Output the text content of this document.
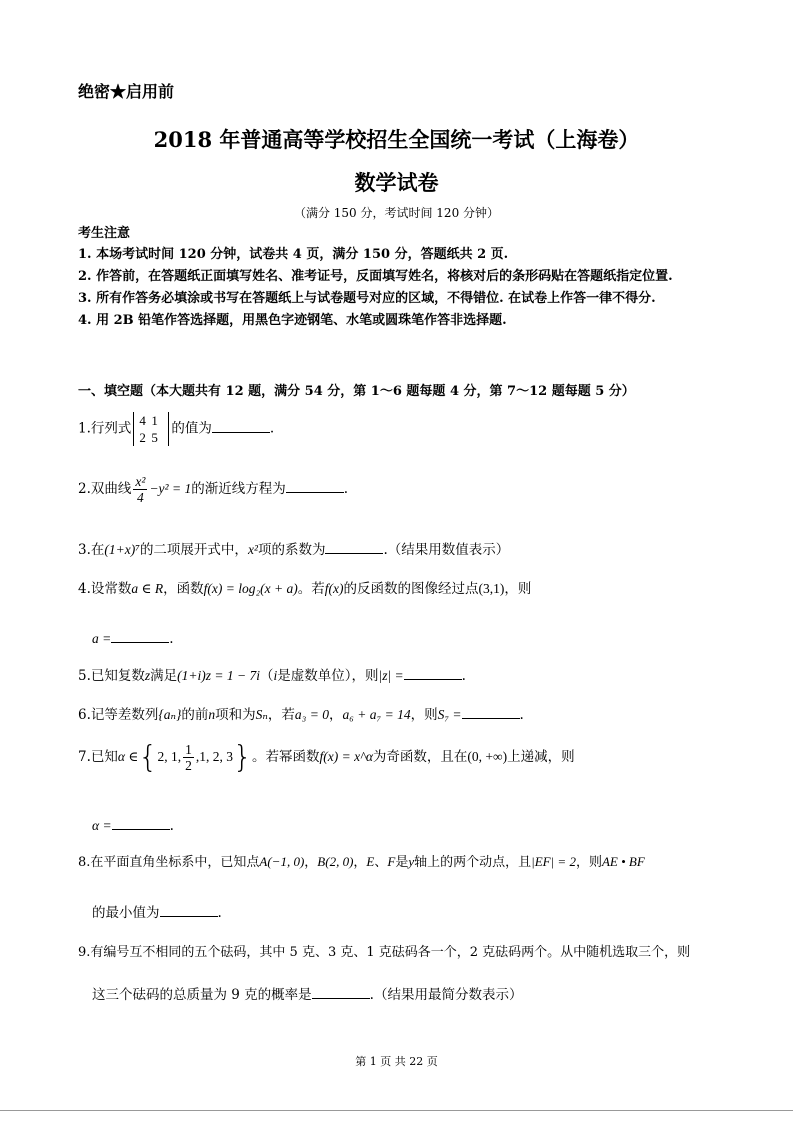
绝密★启用前
2018 年普通高等学校招生全国统一考试（上海卷）
数学试卷
（满分 150 分，考试时间 120 分钟）
考生注意
1. 本场考试时间 120 分钟，试卷共 4 页，满分 150 分，答题纸共 2 页.
2. 作答前，在答题纸正面填写姓名、准考证号，反面填写姓名，将核对后的条形码贴在答题纸指定位置.
3. 所有作答务必填涂或书写在答题纸上与试卷题号对应的区域，不得错位. 在试卷上作答一律不得分.
4. 用 2B 铅笔作答选择题，用黑色字迹钢笔、水笔或圆珠笔作答非选择题.
一、填空题（本大题共有 12 题，满分 54 分，第 1～6 题每题 4 分，第 7～12 题每题 5 分）
1.行列式 4 1
2 5的值为	.
2.双曲线 $\frac{\text{x²}}{4} -y^2 = 1$的渐近线方程为	.
3.在(1+x)⁷的二项展开式中，x²项的系数为	.（结果用数值表示）
4.设常数a ∈ R，函数f(x) = log₂(x + a)。若f(x)的反函数的图像经过点(3,1)，则
a =	.
5.已知复数z满足(1+i)z = 1 − 7i（i是虚数单位），则|z| =	.
6.记等差数列{aₙ}的前n项和为Sₙ，若a₃ = 0，a₆ + a₇ = 14，则S₇ =	.
7.已知α ∈{2, 1, $\frac{1}{2} ,1$, 2, 3}。若幂函数f(x) = x^α为奇函数，且在(0, +∞)上递减，则
α =	.
8.在平面直角坐标系中，已知点A(−1, 0)，B(2, 0)，E、F是y轴上的两个动点，且|EF| = 2，则AE • BF
的最小值为	.
9.有编号互不相同的五个砝码，其中 5 克、3 克、1 克砝码各一个，2 克砝码两个。从中随机选取三个，则
这三个砝码的总质量为 9 克的概率是	.（结果用最简分数表示）
第 1 页 共 22 页
